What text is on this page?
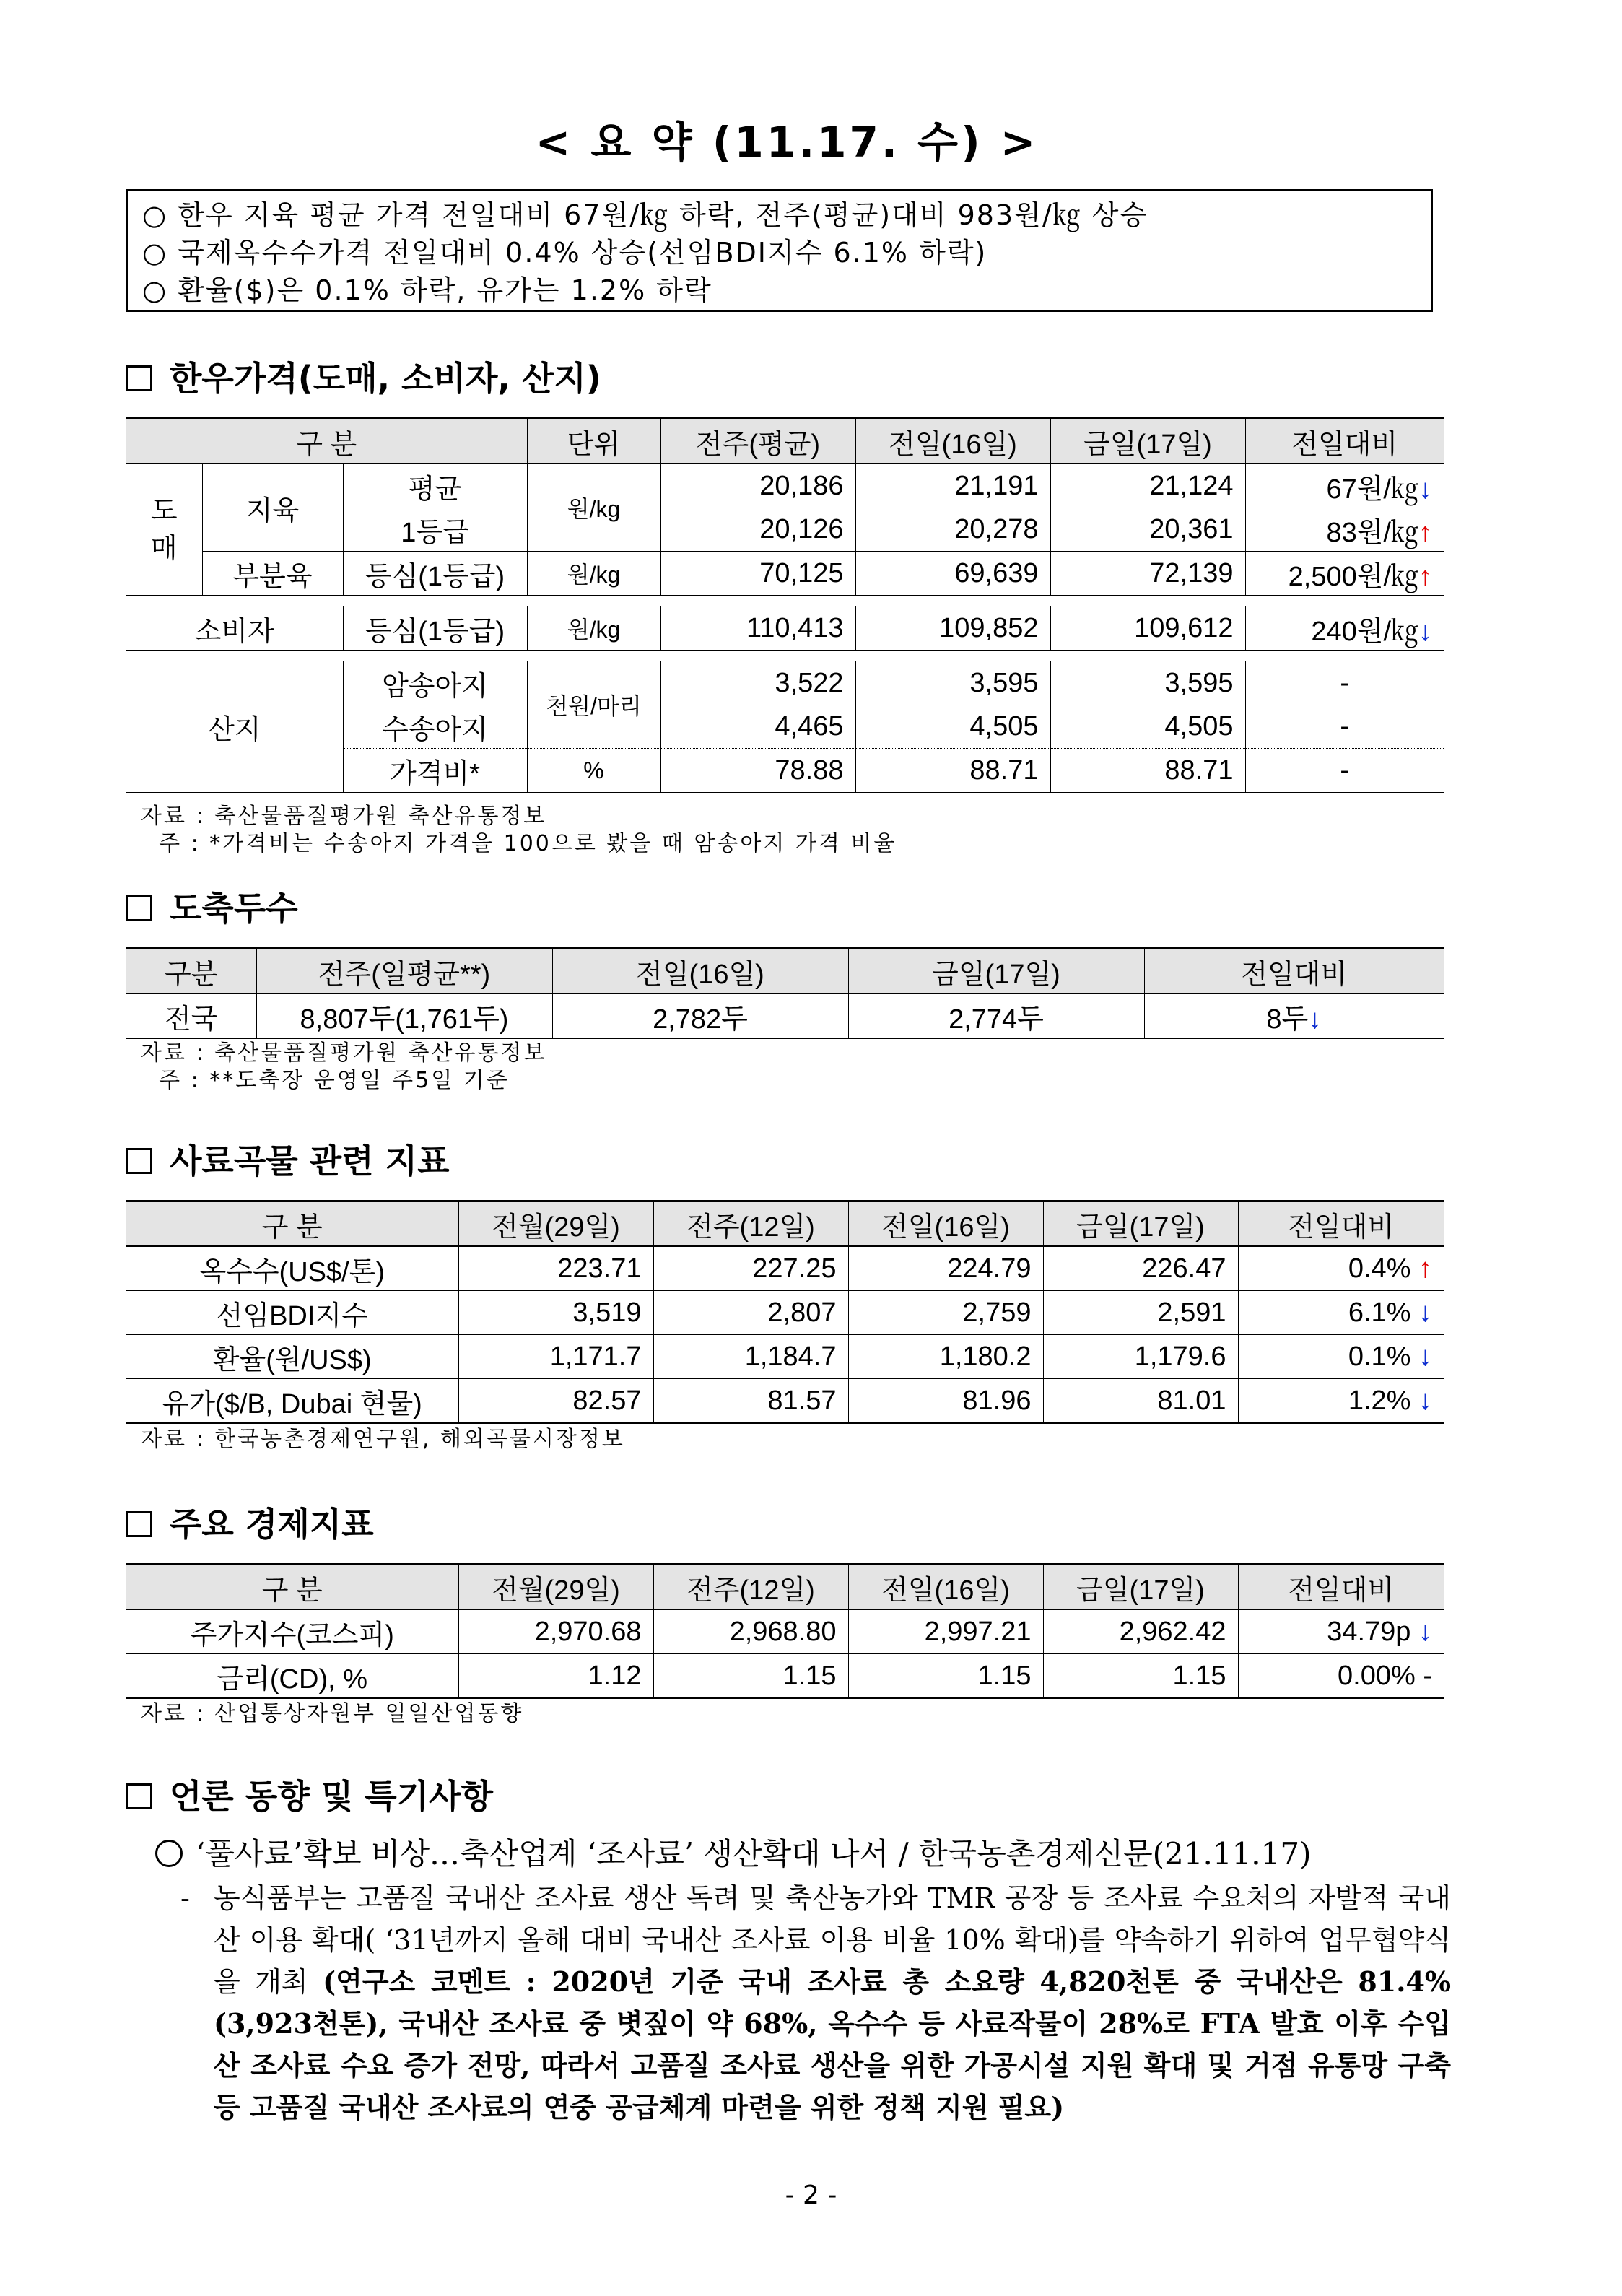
< 요 약 (11.17. 수) >
○ 한우 지육 평균 가격 전일대비 67원/㎏ 하락, 전주(평균)대비 983원/㎏ 상승
○ 국제옥수수가격 전일대비 0.4% 상승(선임BDI지수 6.1% 하락)
○ 환율($)은 0.1% 하락, 유가는 1.2% 하락
한우가격(도매, 소비자, 산지)
구 분			단위	전주(평균)	전일(16일)	금일(17일)	전일대비
도
매	지육	평균	원/kg	20,186	21,191	21,124	67원/㎏↓
		1등급		20,126	20,278	20,361	83원/㎏↑
	부분육	등심(1등급)	원/kg	70,125	69,639	72,139	2,500원/㎏↑

소비자		등심(1등급)	원/kg	110,413	109,852	109,612	240원/㎏↓

산지		암송아지	천원/마리	3,522	3,595	3,595	-
		수송아지		4,465	4,505	4,505	-
		가격비*	%	78.88	88.71	88.71	-
자료 : 축산물품질평가원 축산유통정보
주 : *가격비는 수송아지 가격을 100으로 봤을 때 암송아지 가격 비율
도축두수
구분	전주(일평균**)	전일(16일)	금일(17일)	전일대비
전국	8,807두(1,761두)	2,782두	2,774두	8두↓
자료 : 축산물품질평가원 축산유통정보
주 : **도축장 운영일 주5일 기준
사료곡물 관련 지표
구 분	전월(29일)	전주(12일)	전일(16일)	금일(17일)	전일대비
옥수수(US$/톤)	223.71	227.25	224.79	226.47	0.4% ↑
선임BDI지수	3,519	2,807	2,759	2,591	6.1% ↓
환율(원/US$)	1,171.7	1,184.7	1,180.2	1,179.6	0.1% ↓
유가($/B, Dubai 현물)	82.57	81.57	81.96	81.01	1.2% ↓
자료 : 한국농촌경제연구원, 해외곡물시장정보
주요 경제지표
구 분	전월(29일)	전주(12일)	전일(16일)	금일(17일)	전일대비
주가지수(코스피)	2,970.68	2,968.80	2,997.21	2,962.42	34.79p ↓
금리(CD), %	1.12	1.15	1.15	1.15	0.00% -
자료 : 산업통상자원부 일일산업동향
언론 동향 및 특기사항
‘풀사료’확보 비상…축산업계 ‘조사료’ 생산확대 나서 / 한국농촌경제신문(21.11.17)
- 농식품부는 고품질 국내산 조사료 생산 독려 및 축산농가와 TMR 공장 등 조사료 수요처의 자발적 국내산 이용 확대( ‘31년까지 올해 대비 국내산 조사료 이용 비율 10% 확대)를 약속하기 위하여 업무협약식을 개최 (연구소 코멘트 : 2020년 기준 국내 조사료 총 소요량 4,820천톤 중 국내산은 81.4%(3,923천톤), 국내산 조사료 중 볏짚이 약 68%, 옥수수 등 사료작물이 28%로 FTA 발효 이후 수입산 조사료 수요 증가 전망, 따라서 고품질 조사료 생산을 위한 가공시설 지원 확대 및 거점 유통망 구축 등 고품질 국내산 조사료의 연중 공급체계 마련을 위한 정책 지원 필요)

- 2 -
